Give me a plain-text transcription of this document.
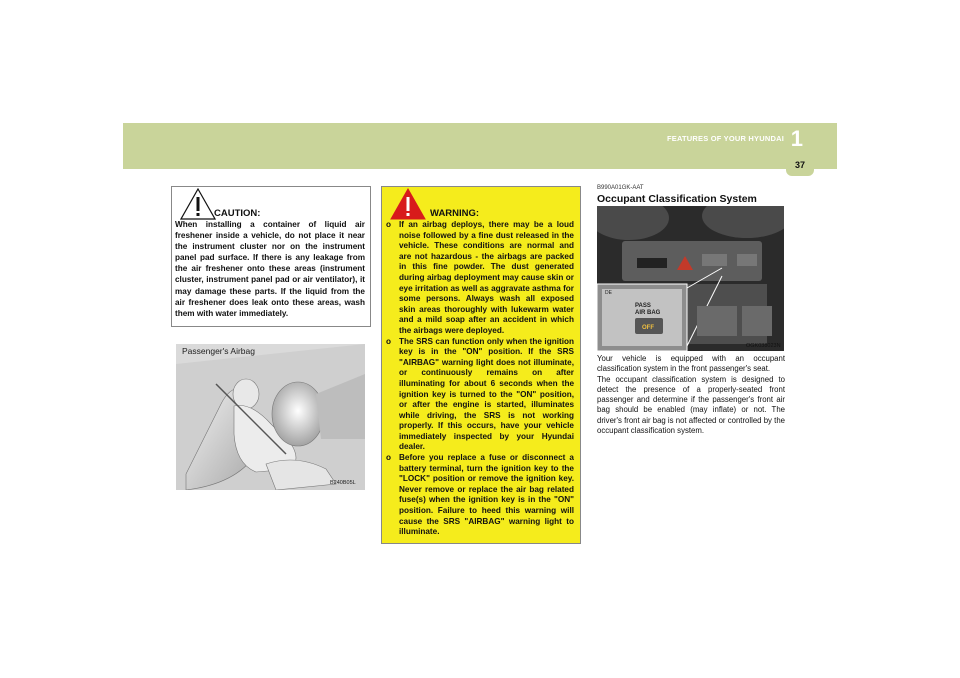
FEATURES OF YOUR HYUNDAI 1
37
CAUTION:
When installing a container of liquid air freshener inside a vehicle, do not place it near the instrument cluster nor on the instrument panel pad surface. If there is any leakage from the air freshener onto these areas (instrument cluster, instrument panel pad or air ventilator), it may damage these parts. If the liquid from the air freshener does leak onto these areas, wash them with water immediately.
Passenger's Airbag
B240B05L
WARNING:

o If an airbag deploys, there may be a loud noise followed by a fine dust released in the vehicle. These conditions are normal and are not hazardous - the airbags are packed in this fine powder. The dust generated during airbag deployment may cause skin or eye irritation as well as aggravate asthma for some persons. Always wash all exposed skin areas thoroughly with lukewarm water and a mild soap after an accident in which the airbags were deployed.

o The SRS can function only when the ignition key is in the "ON" position. If the SRS "AIRBAG" warning light does not illuminate, or continuously remains on after illuminating for about 6 seconds when the ignition key is turned to the "ON" position, or after the engine is started, illuminates while driving, the SRS is not working properly. If this occurs, have your vehicle immediately inspected by your Hyundai dealer.

o Before you replace a fuse or disconnect a battery terminal, turn the ignition key to the "LOCK" position or remove the ignition key. Never remove or replace the air bag related fuse(s) when the ignition key is in the "ON" position. Failure to heed this warning will cause the SRS "AIRBAG" warning light to illuminate.

B990A01GK-AAT
Occupant Classification System
PASS
AIR BAG
DE
OFF
OGK038023N

Your vehicle is equipped with an occupant classification system in the front passenger's seat.

The occupant classification system is designed to detect the presence of a properly-seated front passenger and determine if the passenger's front air bag should be enabled (may inflate) or not. The driver's front air bag is not affected or controlled by the occupant classification system.
